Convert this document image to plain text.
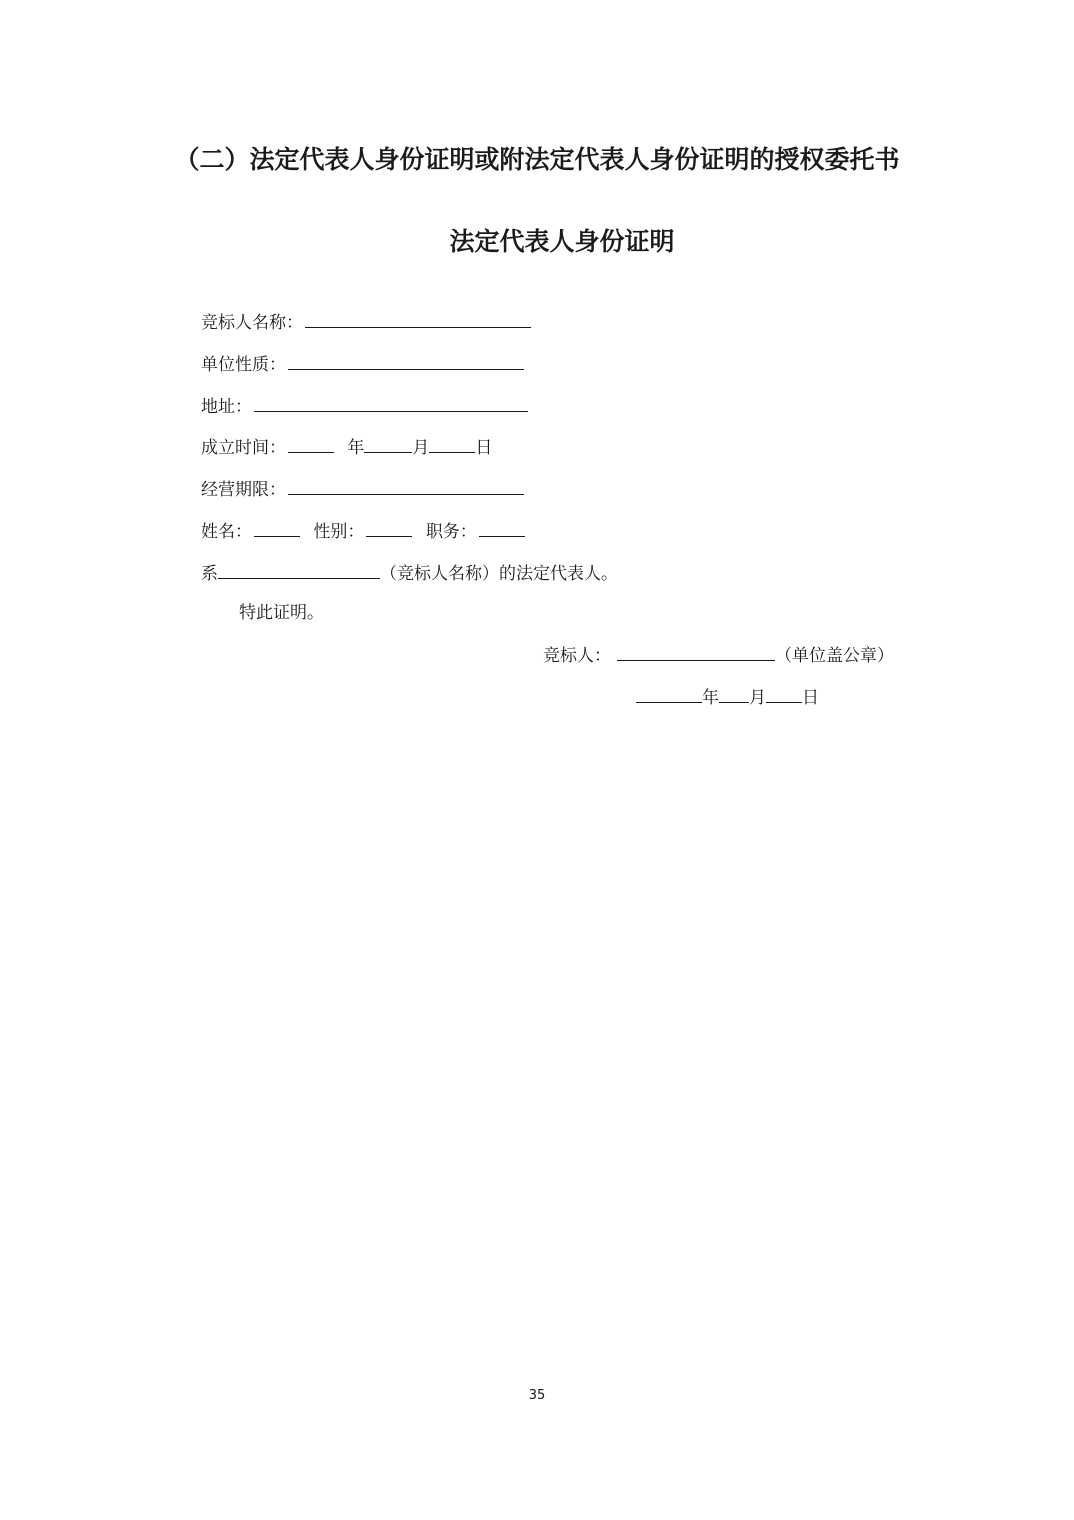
（二）法定代表人身份证明或附法定代表人身份证明的授权委托书
法定代表人身份证明
竞标人名称：
单位性质：
地址：
成立时间：	年	月	日
经营期限：
姓名：	性别：	职务：
系	（竞标人名称）的法定代表人。
特此证明。
竞标人：	（单位盖公章）
年 月 日
35
